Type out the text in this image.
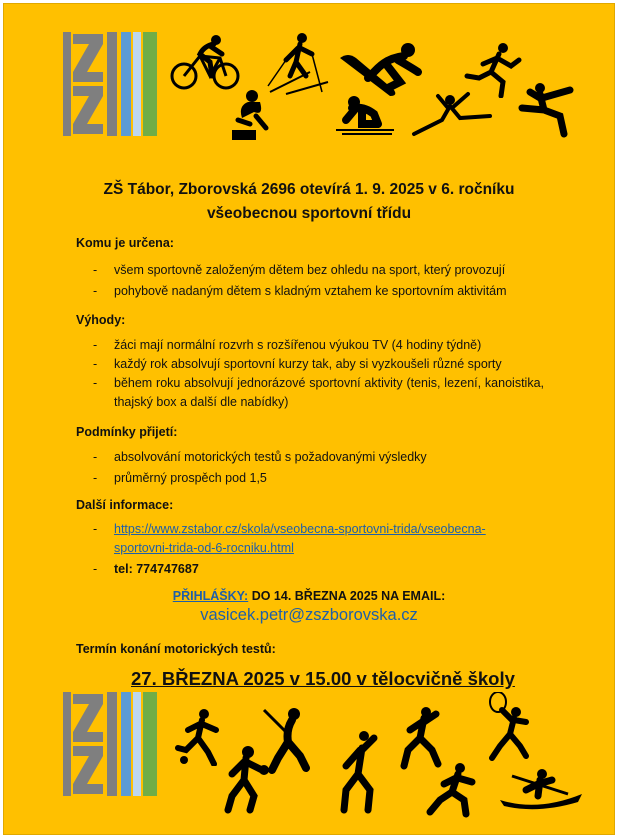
ZŠ Tábor, Zborovská 2696 otevírá 1. 9. 2025 v 6. ročníku
všeobecnou sportovní třídu
Komu je určena:
- všem sportovně založeným dětem bez ohledu na sport, který provozují
- pohybově nadaným dětem s kladným vztahem ke sportovním aktivitám
Výhody:
- žáci mají normální rozvrh s rozšířenou výukou TV (4 hodiny týdně)
- každý rok absolvují sportovní kurzy tak, aby si vyzkoušeli různé sporty
- během roku absolvují jednorázové sportovní aktivity (tenis, lezení, kanoistika, thajský box a další dle nabídky)
Podmínky přijetí:
- absolvování motorických testů s požadovanými výsledky
- průměrný prospěch pod 1,5
Další informace:
- https://www.zstabor.cz/skola/vseobecna-sportovni-trida/vseobecna-
sportovni-trida-od-6-rocniku.html
- tel: 774747687
PŘIHLÁŠKY: DO 14. BŘEZNA 2025 NA EMAIL:
vasicek.petr@zszborovska.cz
Termín konání motorických testů:
27. BŘEZNA 2025 v 15.00 v tělocvičně školy
